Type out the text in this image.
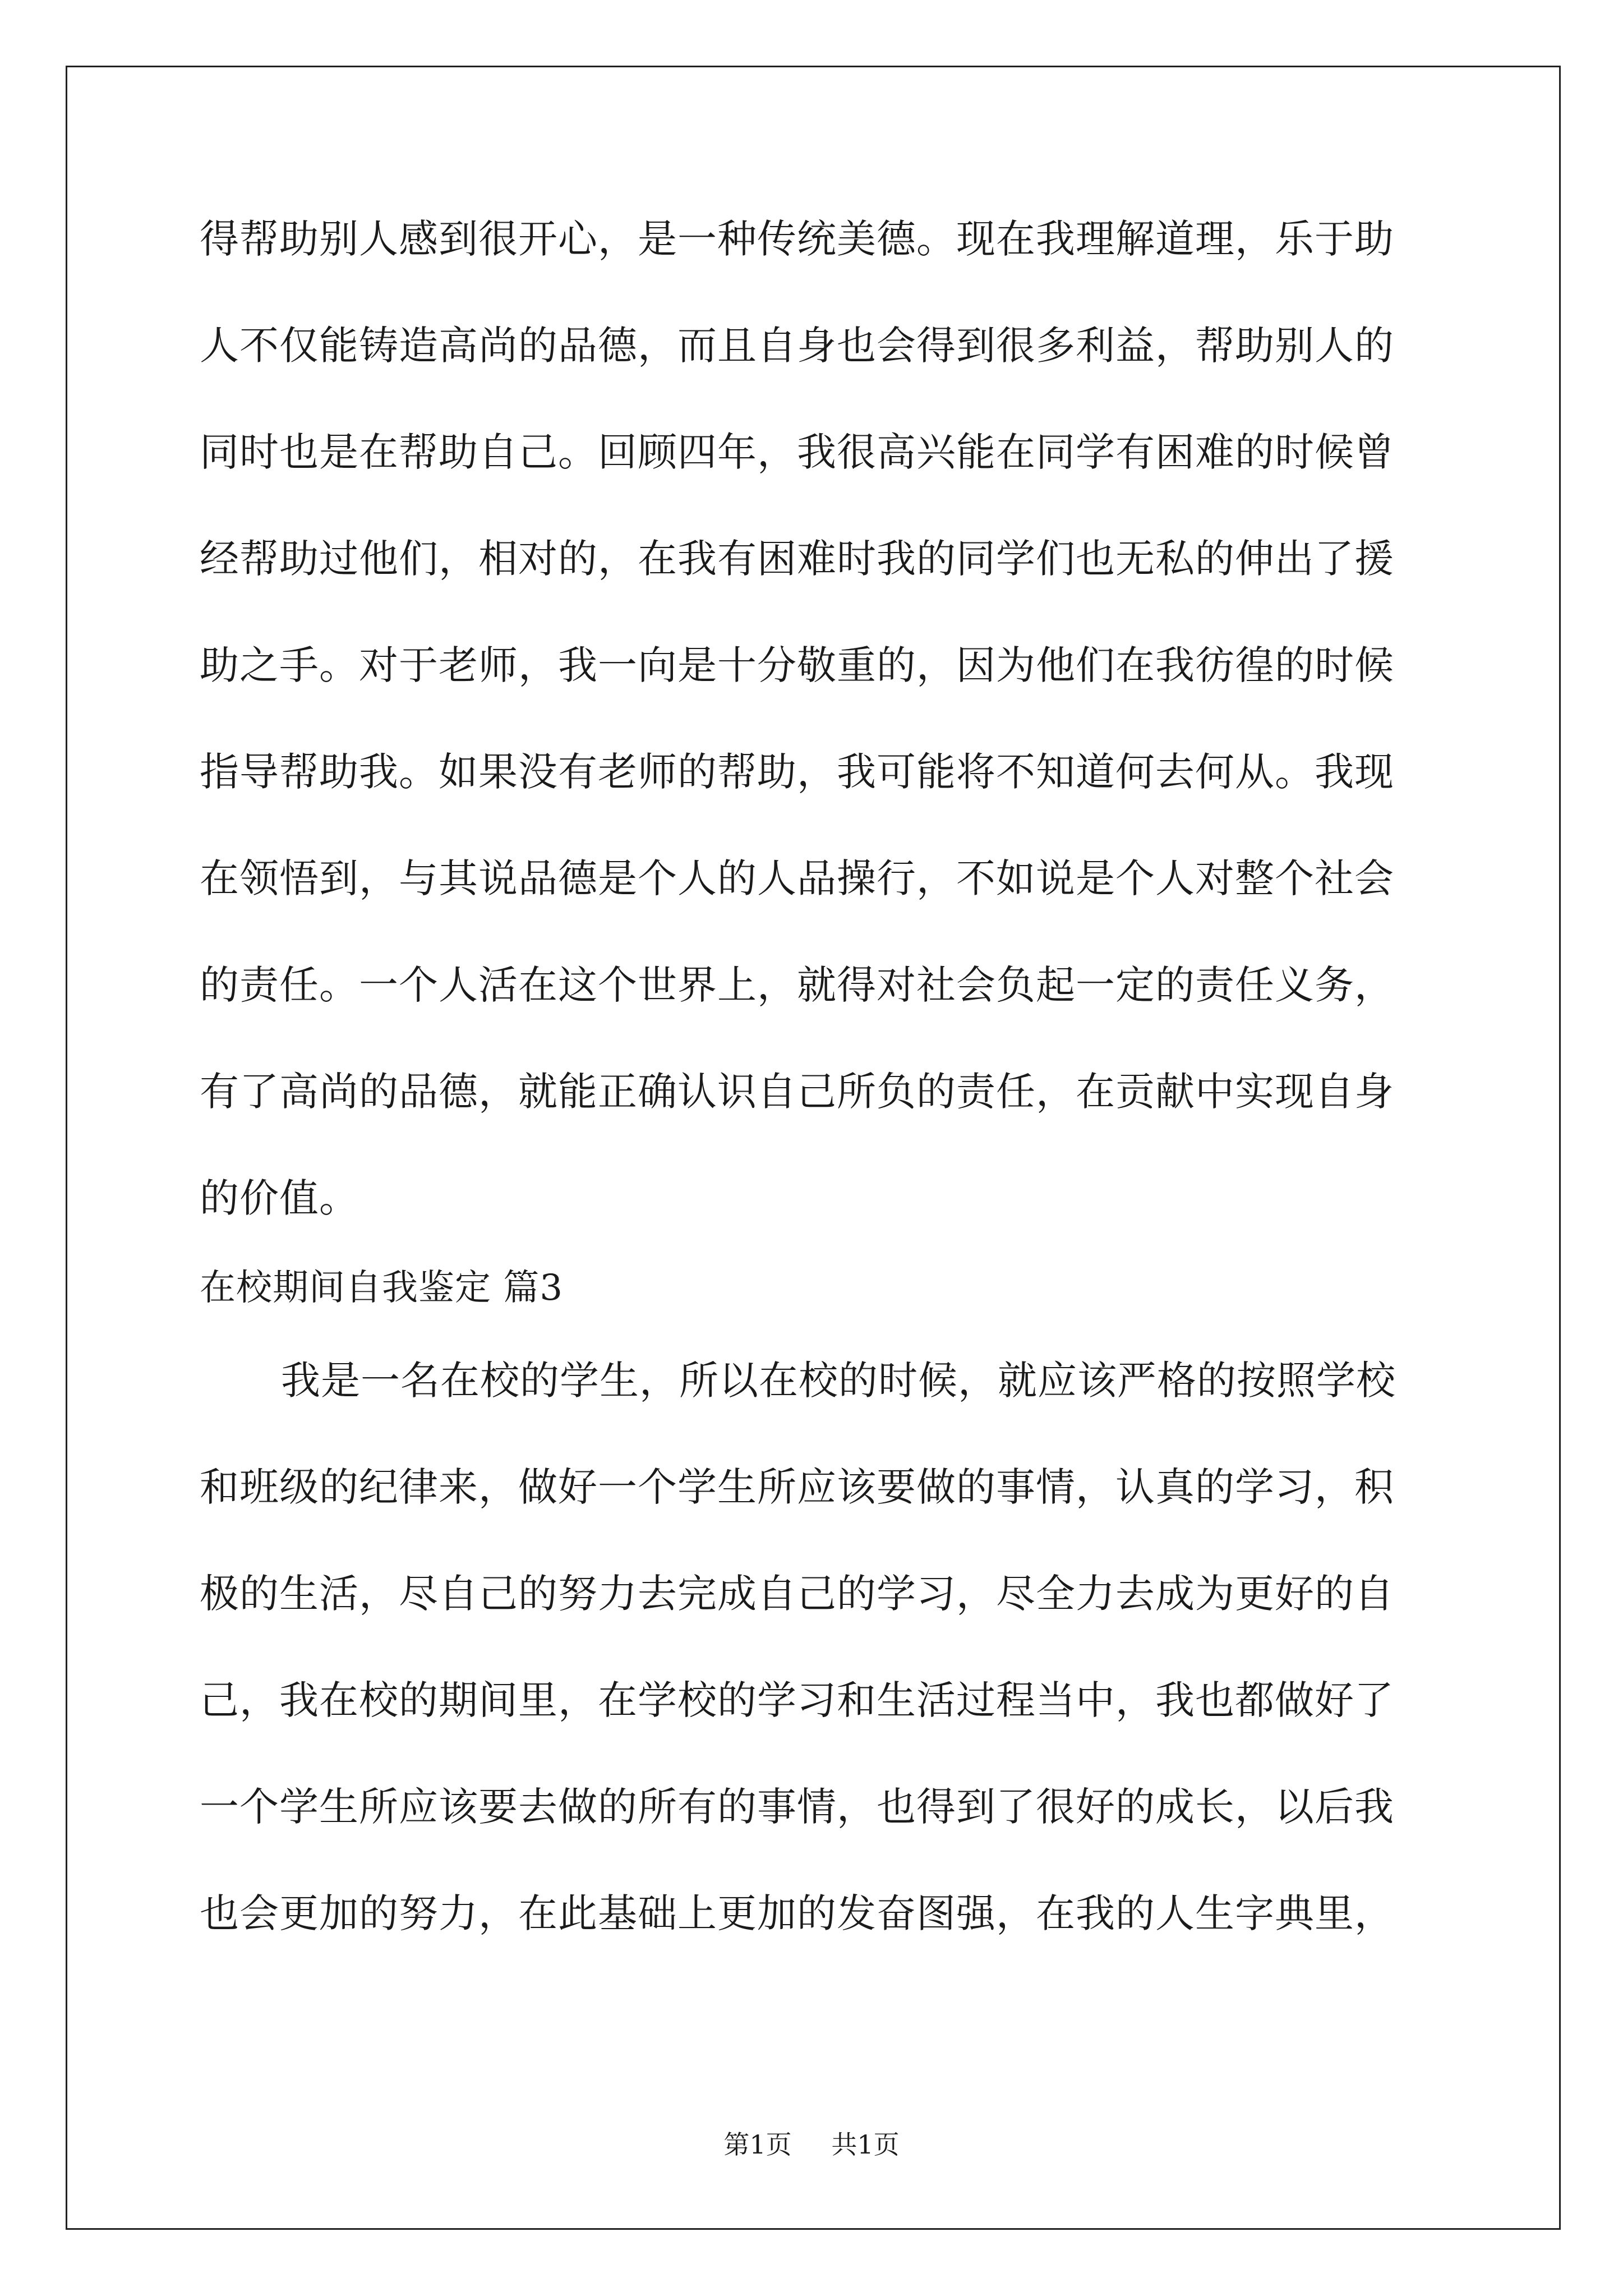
得帮助别人感到很开心，是一种传统美德。现在我理解道理，乐于助

人不仅能铸造高尚的品德，而且自身也会得到很多利益，帮助别人的

同时也是在帮助自己。回顾四年，我很高兴能在同学有困难的时候曾

经帮助过他们，相对的，在我有困难时我的同学们也无私的伸出了援

助之手。对于老师，我一向是十分敬重的，因为他们在我彷徨的时候

指导帮助我。如果没有老师的帮助，我可能将不知道何去何从。我现

在领悟到，与其说品德是个人的人品操行，不如说是个人对整个社会

的责任。一个人活在这个世界上，就得对社会负起一定的责任义务，

有了高尚的品德，就能正确认识自己所负的责任，在贡献中实现自身

的价值。

在校期间自我鉴定 篇3

我是一名在校的学生，所以在校的时候，就应该严格的按照学校

和班级的纪律来，做好一个学生所应该要做的事情，认真的学习，积

极的生活，尽自己的努力去完成自己的学习，尽全力去成为更好的自

己，我在校的期间里，在学校的学习和生活过程当中，我也都做好了

一个学生所应该要去做的所有的事情，也得到了很好的成长，以后我

也会更加的努力，在此基础上更加的发奋图强，在我的人生字典里，

第1页 共1页
